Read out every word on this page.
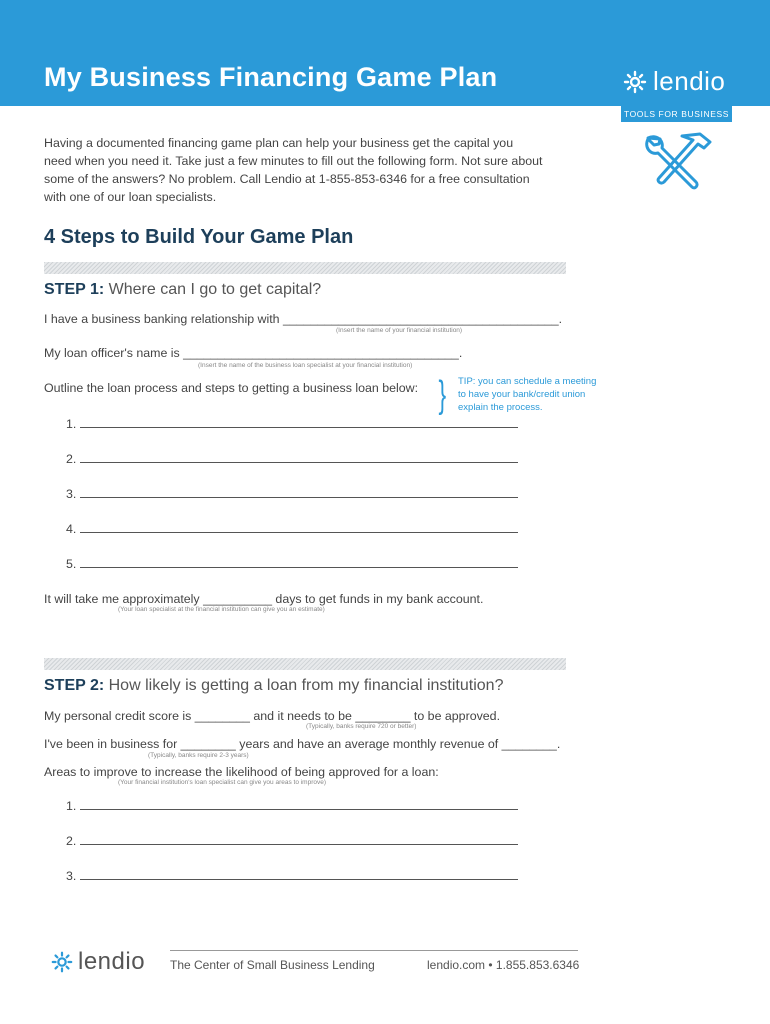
My Business Financing Game Plan	lendio
TOOLS FOR BUSINESS
Having a documented financing game plan can help your business get the capital you need when you need it. Take just a few minutes to fill out the following form. Not sure about some of the answers? No problem. Call Lendio at 1-855-853-6346 for a free consultation with one of our loan specialists.
4 Steps to Build Your Game Plan
STEP 1: Where can I go to get capital?
I have a business banking relationship with ________________________________________.
(Insert the name of your financial institution)
My loan officer's name is ________________________________________.
(Insert the name of the business loan specialist at your financial institution)
Outline the loan process and steps to getting a business loan below: } TIP: you can schedule a meeting to have your bank/credit union explain the process.
1.
2.
3.
4.
5.
It will take me approximately __________ days to get funds in my bank account.
(Your loan specialist at the financial institution can give you an estimate)
STEP 2: How likely is getting a loan from my financial institution?
My personal credit score is ________ and it needs to be ________ to be approved.
(Typically, banks require 720 or better)
I've been in business for ________ years and have an average monthly revenue of ________.
(Typically, banks require 2-3 years)
Areas to improve to increase the likelihood of being approved for a loan:
(Your financial institution's loan specialist can give you areas to improve)
1.
2.
3.
lendio The Center of Small Business Lending	lendio.com • 1.855.853.6346
